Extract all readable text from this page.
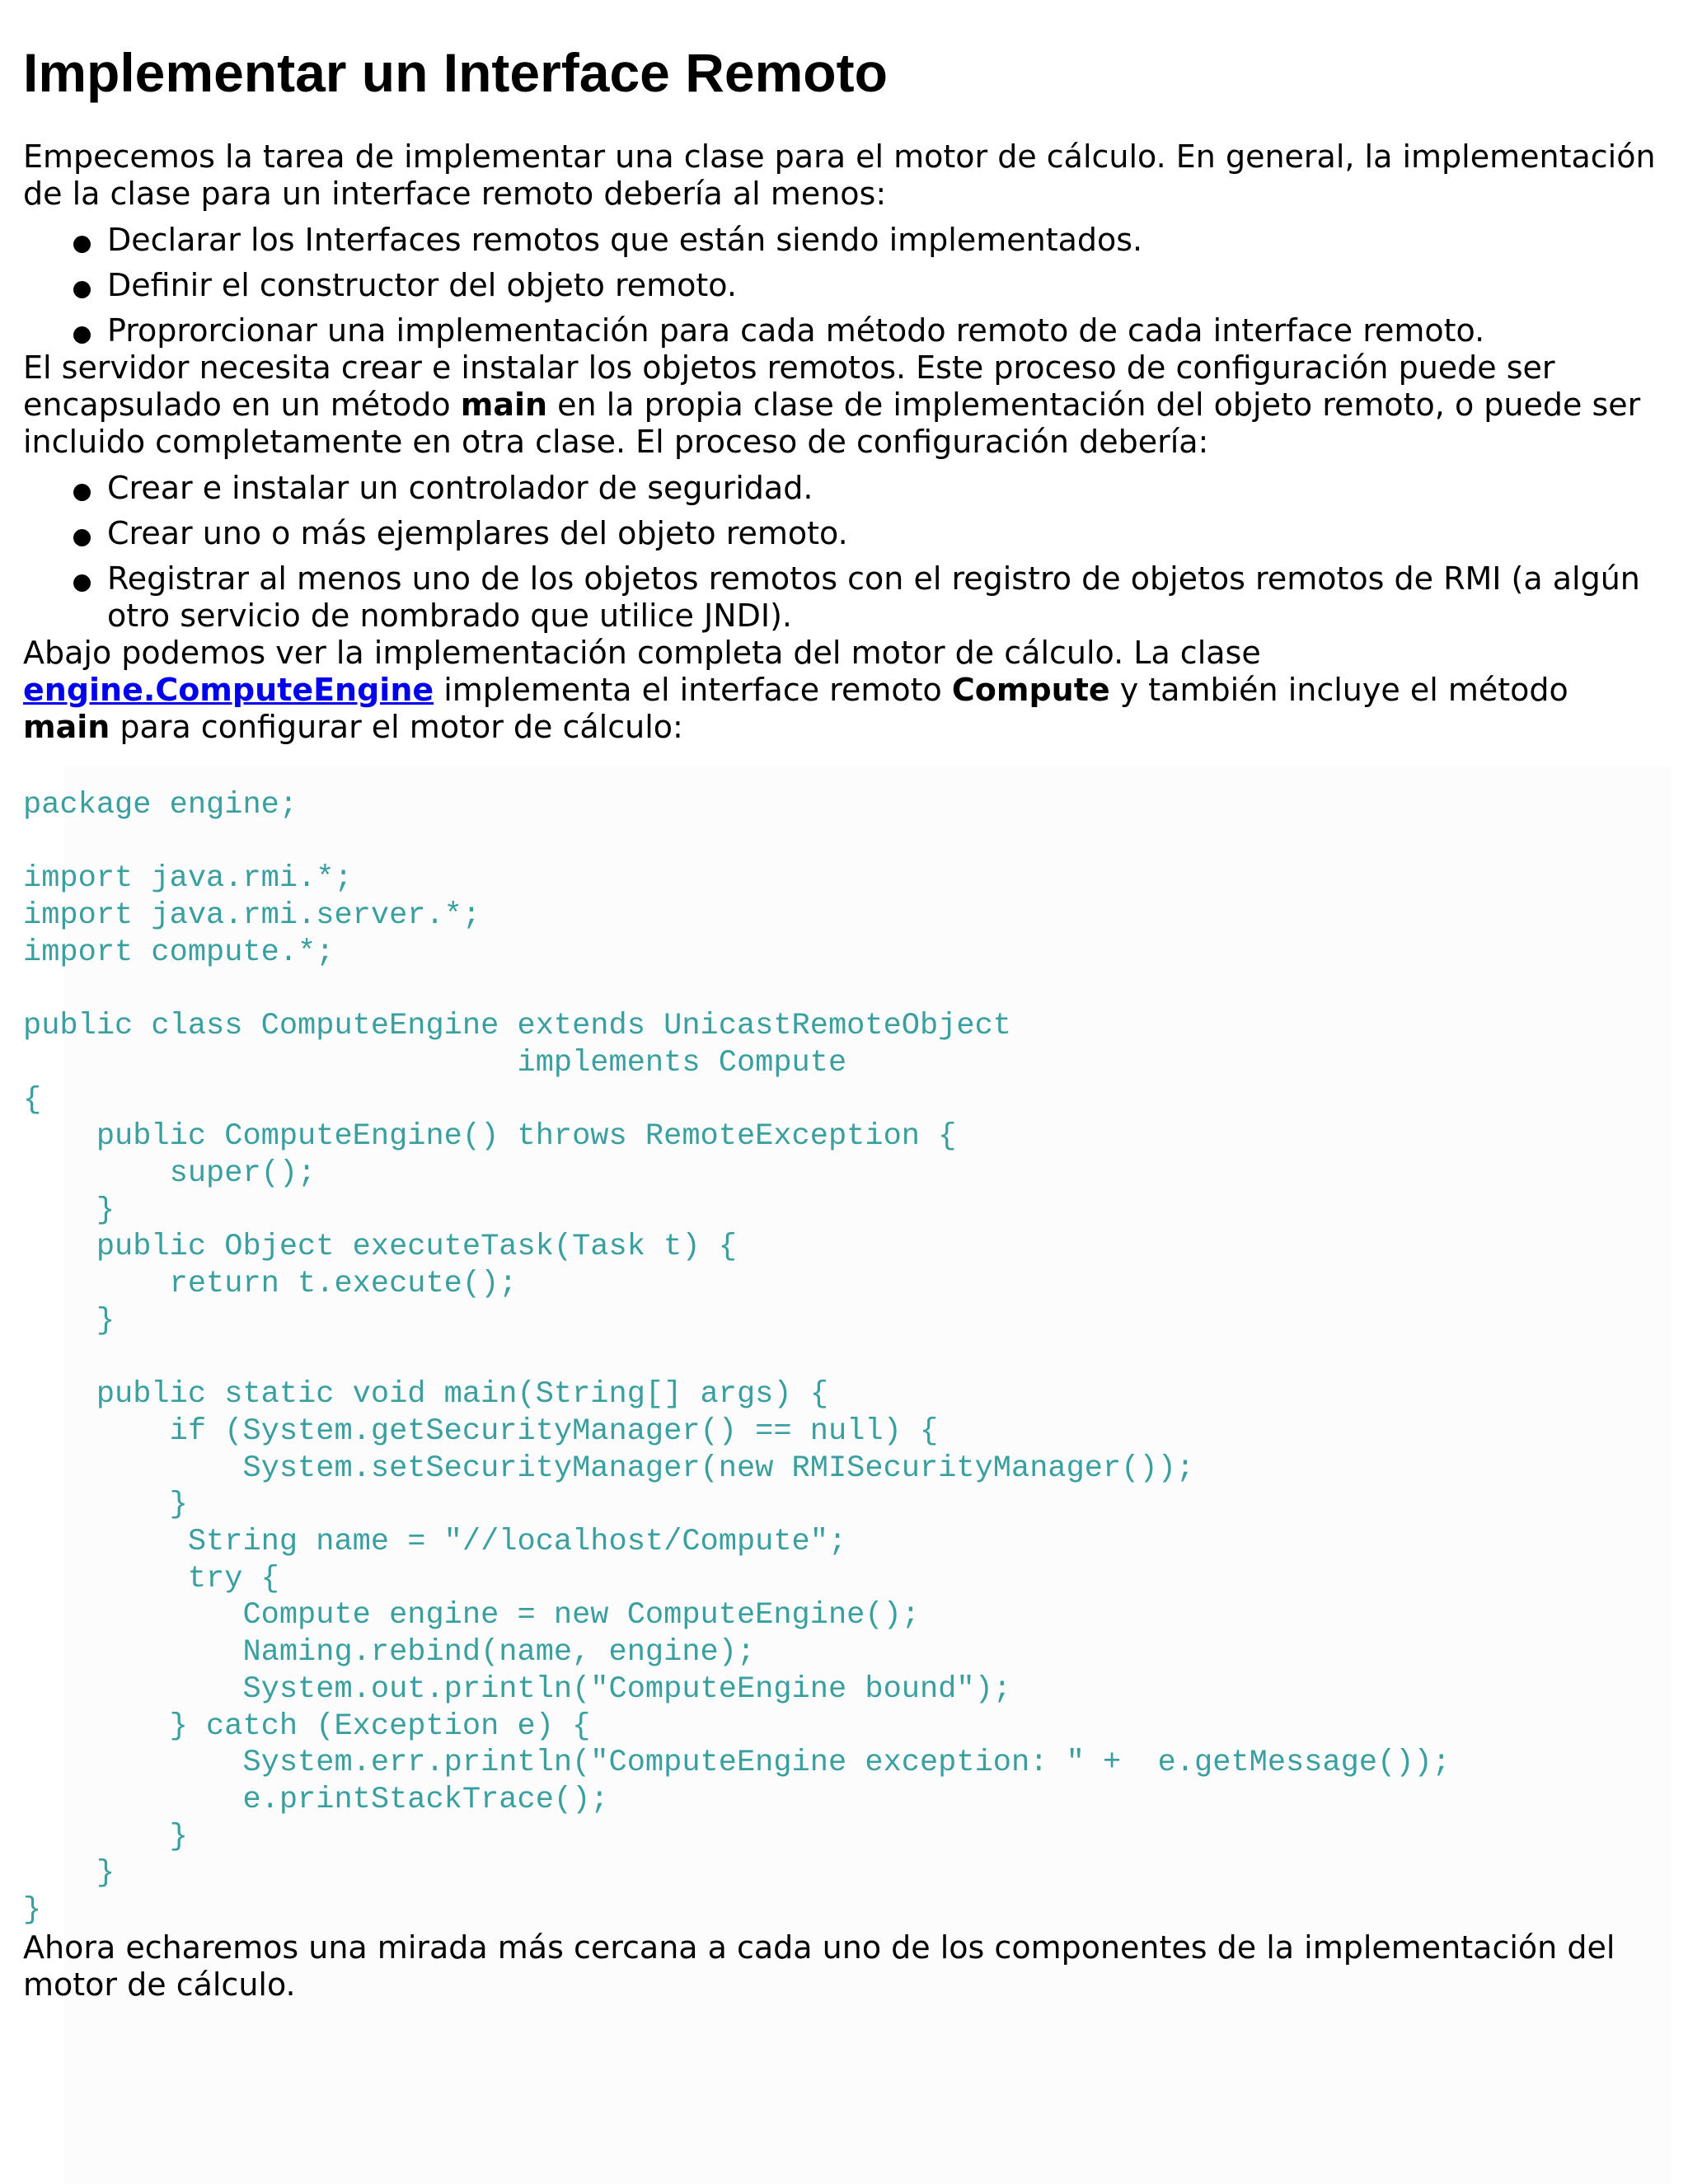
Implementar un Interface Remoto

Empecemos la tarea de implementar una clase para el motor de cálculo. En general, la implementación de la clase para un interface remoto debería al menos:

Declarar los Interfaces remotos que están siendo implementados.
Definir el constructor del objeto remoto.
Proprorcionar una implementación para cada método remoto de cada interface remoto.

El servidor necesita crear e instalar los objetos remotos. Este proceso de configuración puede ser encapsulado en un método main en la propia clase de implementación del objeto remoto, o puede ser incluido completamente en otra clase. El proceso de configuración debería:

Crear e instalar un controlador de seguridad.
Crear uno o más ejemplares del objeto remoto.
Registrar al menos uno de los objetos remotos con el registro de objetos remotos de RMI (a algún otro servicio de nombrado que utilice JNDI).

Abajo podemos ver la implementación completa del motor de cálculo. La clase engine.ComputeEngine implementa el interface remoto Compute y también incluye el método main para configurar el motor de cálculo:

package engine;

import java.rmi.*;
import java.rmi.server.*;
import compute.*;

public class ComputeEngine extends UnicastRemoteObject
implements Compute
{
public ComputeEngine() throws RemoteException {
super();
}
public Object executeTask(Task t) {
return t.execute();
}

public static void main(String[] args) {
if (System.getSecurityManager() == null) {
System.setSecurityManager(new RMISecurityManager());
}
String name = "//localhost/Compute";
try {
Compute engine = new ComputeEngine();
Naming.rebind(name, engine);
System.out.println("ComputeEngine bound");
} catch (Exception e) {
System.err.println("ComputeEngine exception: " +  e.getMessage());
e.printStackTrace();
}
}
}

Ahora echaremos una mirada más cercana a cada uno de los componentes de la implementación del motor de cálculo.
